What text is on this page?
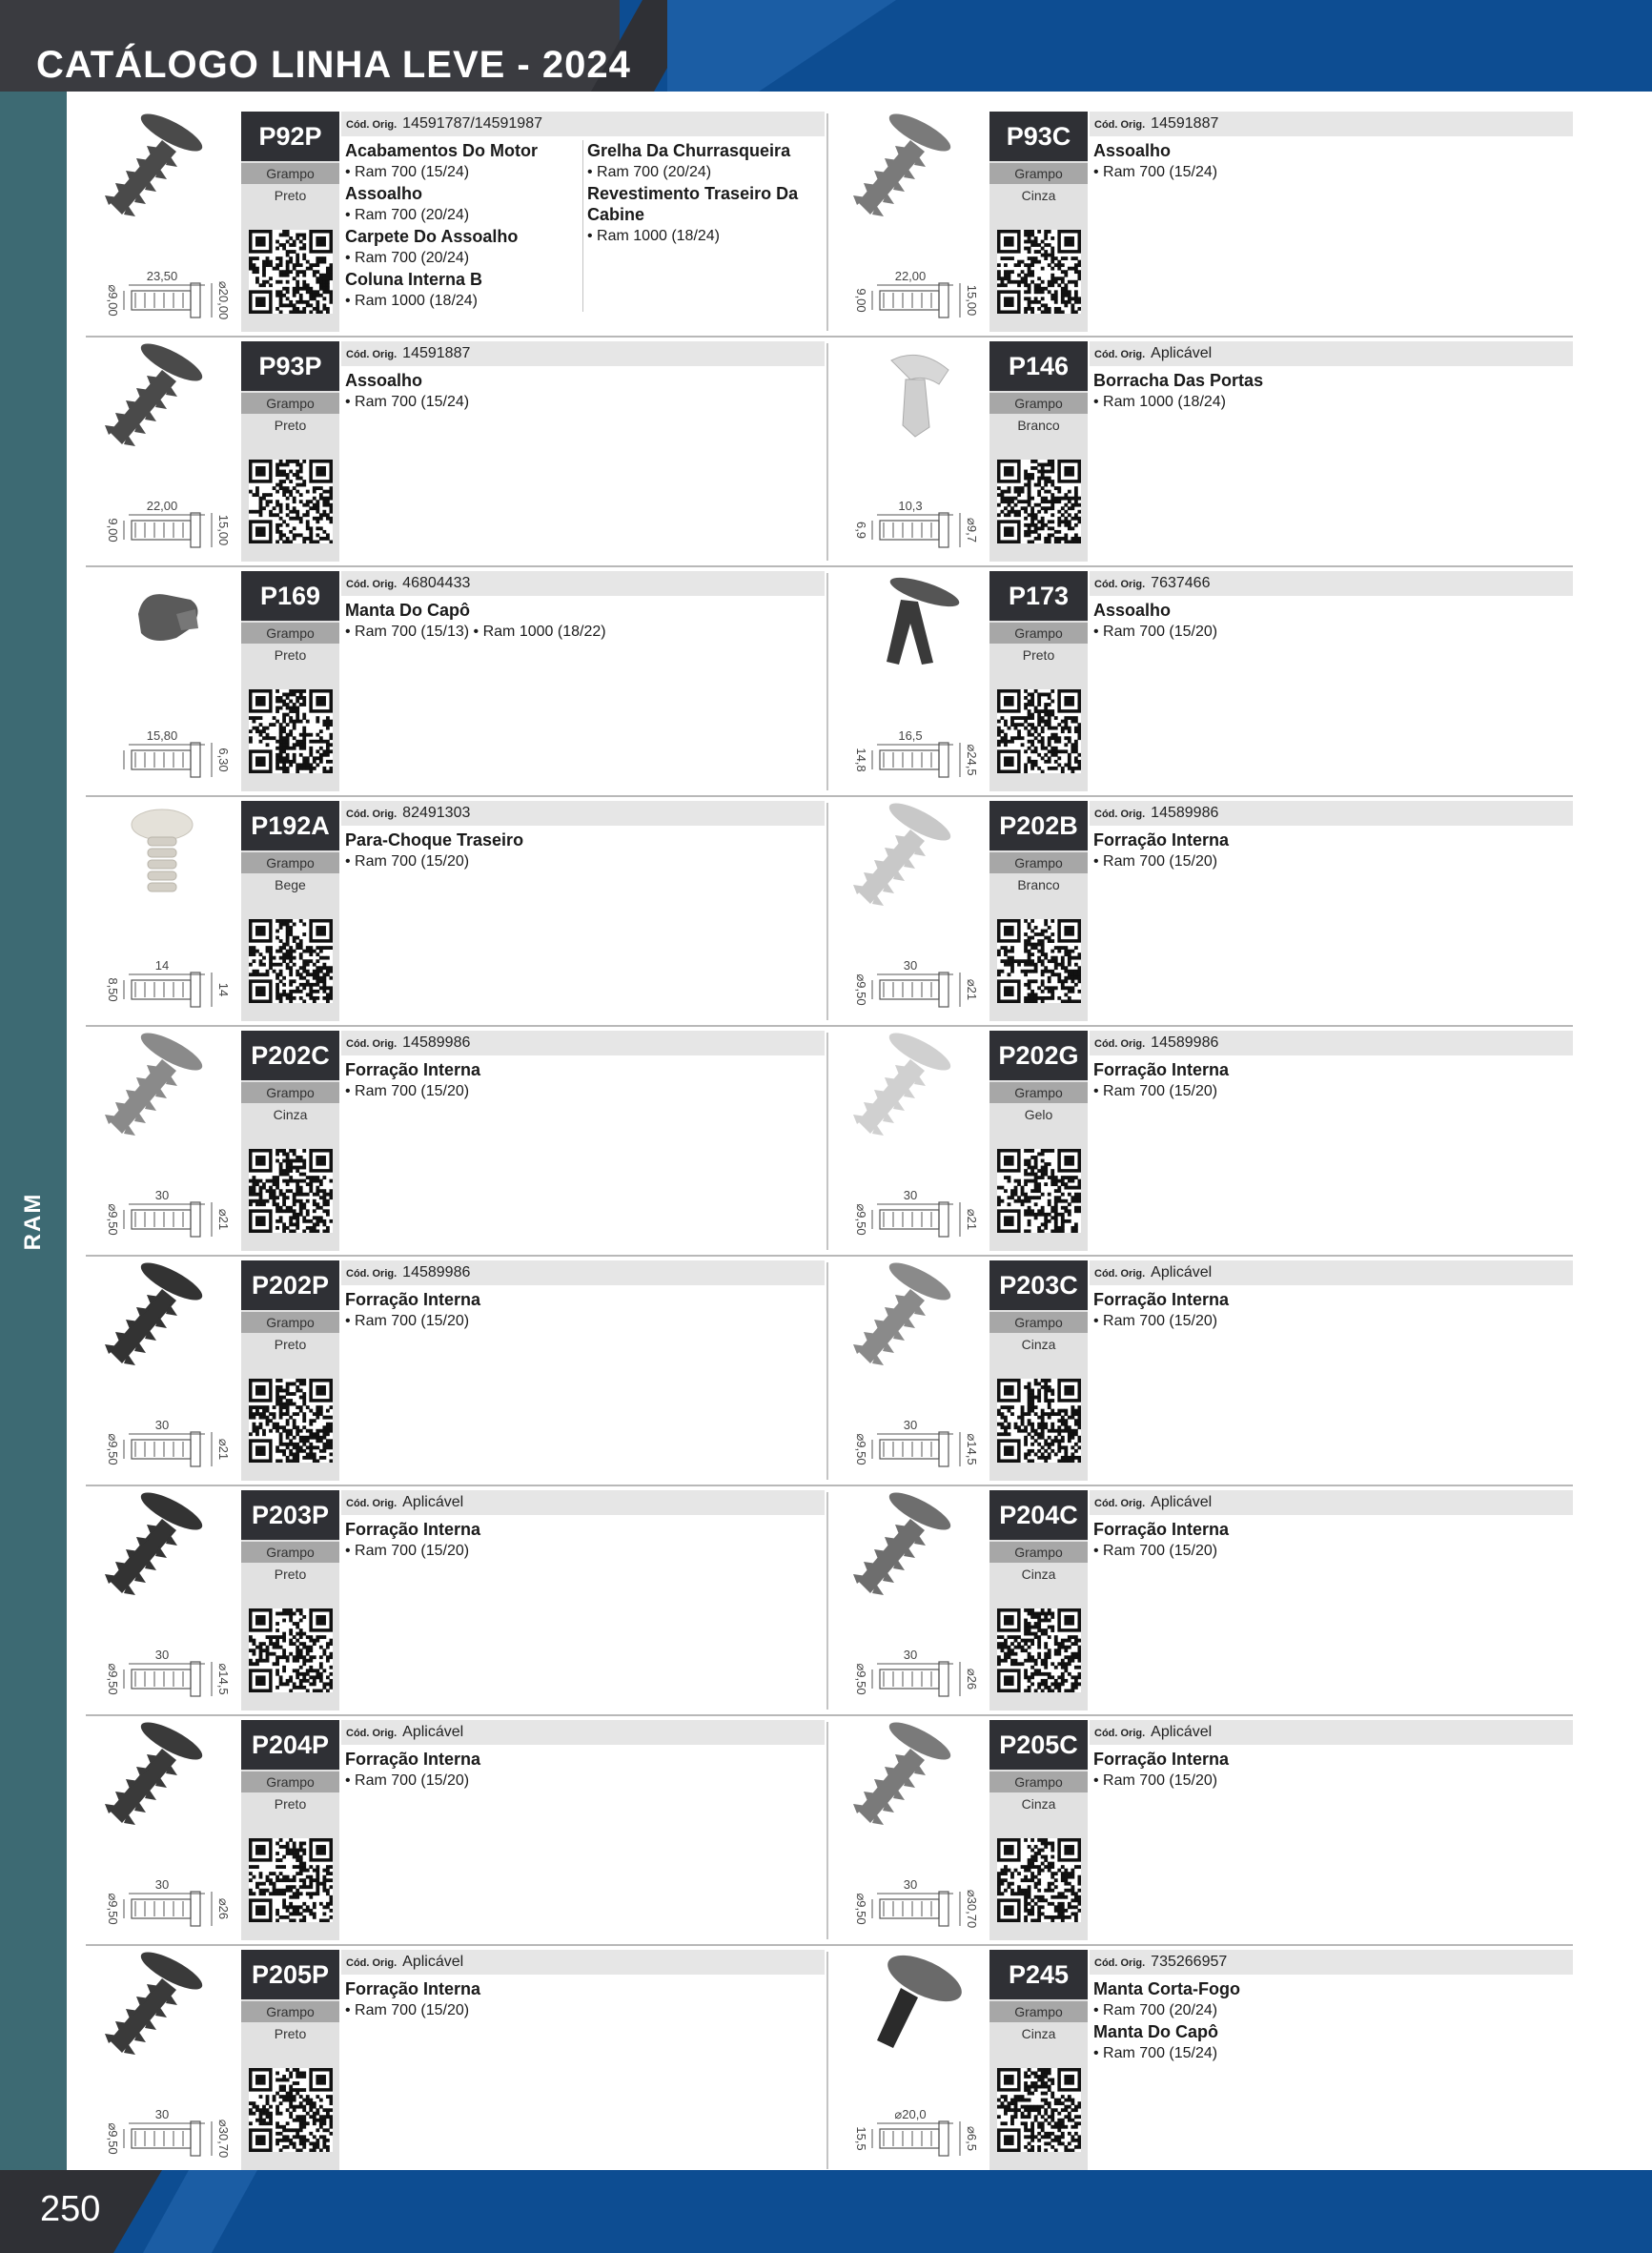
CATÁLOGO LINHA LEVE - 2024
RAM
23,50
⌀9,00	⌀20,00
P92P
Grampo
Preto
Cód. Orig. 14591787/14591987
Acabamentos Do Motor
• Ram 700 (15/24)
Assoalho
• Ram 700 (20/24)
Carpete Do Assoalho
• Ram 700 (20/24)
Coluna Interna B
• Ram 1000 (18/24)
Grelha Da Churrasqueira
• Ram 700 (20/24)
Revestimento Traseiro Da Cabine
• Ram 1000 (18/24)
22,00
9,00	15,00
P93C
Grampo
Cinza
Cód. Orig. 14591887
Assoalho
• Ram 700 (15/24)
22,00
9,00	15,00
P93P
Grampo
Preto
Cód. Orig. 14591887
Assoalho
• Ram 700 (15/24)
10,3
6,9	⌀9,7
P146
Grampo
Branco
Cód. Orig. Aplicável
Borracha Das Portas
• Ram 1000 (18/24)
15,80
6,30
P169
Grampo
Preto
Cód. Orig. 46804433
Manta Do Capô
• Ram 700 (15/13) • Ram 1000 (18/22)
16,5
14,8	⌀24,5
P173
Grampo
Preto
Cód. Orig. 7637466
Assoalho
• Ram 700 (15/20)
14
8,50	14
P192A
Grampo
Bege
Cód. Orig. 82491303
Para-Choque Traseiro
• Ram 700 (15/20)
30
⌀9,50	⌀21
P202B
Grampo
Branco
Cód. Orig. 14589986
Forração Interna
• Ram 700 (15/20)
30
⌀9,50	⌀21
P202C
Grampo
Cinza
Cód. Orig. 14589986
Forração Interna
• Ram 700 (15/20)
30
⌀9,50	⌀21
P202G
Grampo
Gelo
Cód. Orig. 14589986
Forração Interna
• Ram 700 (15/20)
30
⌀9,50	⌀21
P202P
Grampo
Preto
Cód. Orig. 14589986
Forração Interna
• Ram 700 (15/20)
30
⌀9,50	⌀14,5
P203C
Grampo
Cinza
Cód. Orig. Aplicável
Forração Interna
• Ram 700 (15/20)
30
⌀9,50	⌀14,5
P203P
Grampo
Preto
Cód. Orig. Aplicável
Forração Interna
• Ram 700 (15/20)
30
⌀9,50	⌀26
P204C
Grampo
Cinza
Cód. Orig. Aplicável
Forração Interna
• Ram 700 (15/20)
30
⌀9,50	⌀26
P204P
Grampo
Preto
Cód. Orig. Aplicável
Forração Interna
• Ram 700 (15/20)
30
⌀9,50	⌀30,70
P205C
Grampo
Cinza
Cód. Orig. Aplicável
Forração Interna
• Ram 700 (15/20)
30
⌀9,50	⌀30,70
P205P
Grampo
Preto
Cód. Orig. Aplicável
Forração Interna
• Ram 700 (15/20)
⌀20,0
15,5	⌀6,5
P245
Grampo
Cinza
Cód. Orig. 735266957
Manta Corta-Fogo
• Ram 700 (20/24)
Manta Do Capô
• Ram 700 (15/24)
250
